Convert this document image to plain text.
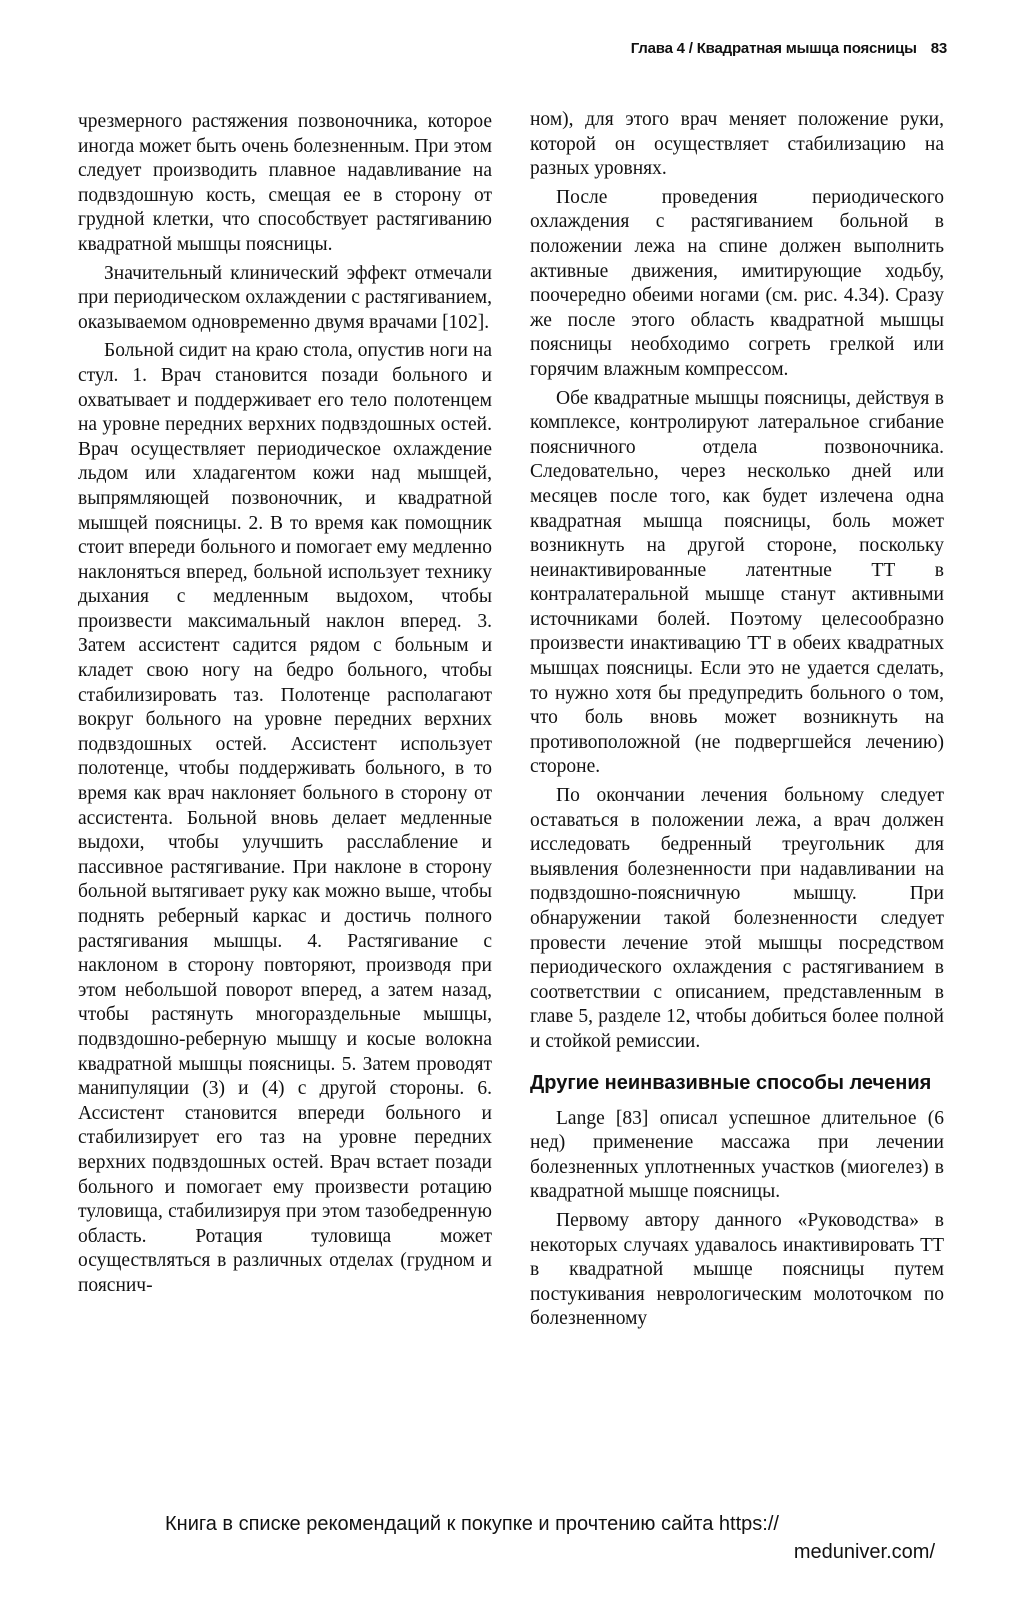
Глава 4 / Квадратная мышца поясницы 83

чрезмерного растяжения позвоночника, которое иногда может быть очень болезненным. При этом следует производить плавное надавливание на подвздошную кость, смещая ее в сторону от грудной клетки, что способствует растягиванию квадратной мышцы поясницы.

Значительный клинический эффект отмечали при периодическом охлаждении с растягиванием, оказываемом одновременно двумя врачами [102].

Больной сидит на краю стола, опустив ноги на стул. 1. Врач становится позади больного и охватывает и поддерживает его тело полотенцем на уровне передних верхних подвздошных остей. Врач осуществляет периодическое охлаждение льдом или хладагентом кожи над мышцей, выпрямляющей позвоночник, и квадратной мышцей поясницы. 2. В то время как помощник стоит впереди больного и помогает ему медленно наклоняться вперед, больной использует технику дыхания с медленным выдохом, чтобы произвести максимальный наклон вперед. 3. Затем ассистент садится рядом с больным и кладет свою ногу на бедро больного, чтобы стабилизировать таз. Полотенце располагают вокруг больного на уровне передних верхних подвздошных остей. Ассистент использует полотенце, чтобы поддерживать больного, в то время как врач наклоняет больного в сторону от ассистента. Больной вновь делает медленные выдохи, чтобы улучшить расслабление и пассивное растягивание. При наклоне в сторону больной вытягивает руку как можно выше, чтобы поднять реберный каркас и достичь полного растягивания мышцы. 4. Растягивание с наклоном в сторону повторяют, производя при этом небольшой поворот вперед, а затем назад, чтобы растянуть многораздельные мышцы, подвздошно-реберную мышцу и косые волокна квадратной мышцы поясницы. 5. Затем проводят манипуляции (3) и (4) с другой стороны. 6. Ассистент становится впереди больного и стабилизирует его таз на уровне передних верхних подвздошных остей. Врач встает позади больного и помогает ему произвести ротацию туловища, стабилизируя при этом тазобедренную область. Ротация туловища может осуществляться в различных отделах (грудном и пояснич-

ном), для этого врач меняет положение руки, которой он осуществляет стабилизацию на разных уровнях.

После проведения периодического охлаждения с растягиванием больной в положении лежа на спине должен выполнить активные движения, имитирующие ходьбу, поочередно обеими ногами (см. рис. 4.34). Сразу же после этого область квадратной мышцы поясницы необходимо согреть грелкой или горячим влажным компрессом.

Обе квадратные мышцы поясницы, действуя в комплексе, контролируют латеральное сгибание поясничного отдела позвоночника. Следовательно, через несколько дней или месяцев после того, как будет излечена одна квадратная мышца поясницы, боль может возникнуть на другой стороне, поскольку неинактивированные латентные ТТ в контралатеральной мышце станут активными источниками болей. Поэтому целесообразно произвести инактивацию ТТ в обеих квадратных мышцах поясницы. Если это не удается сделать, то нужно хотя бы предупредить больного о том, что боль вновь может возникнуть на противоположной (не подвергшейся лечению) стороне.

По окончании лечения больному следует оставаться в положении лежа, а врач должен исследовать бедренный треугольник для выявления болезненности при надавливании на подвздошно-поясничную мышцу. При обнаружении такой болезненности следует провести лечение этой мышцы посредством периодического охлаждения с растягиванием в соответствии с описанием, представленным в главе 5, разделе 12, чтобы добиться более полной и стойкой ремиссии.

Другие неинвазивные способы лечения

Lange [83] описал успешное длительное (6 нед) применение массажа при лечении болезненных уплотненных участков (миогелез) в квадратной мышце поясницы.

Первому автору данного «Руководства» в некоторых случаях удавалось инактивировать ТТ в квадратной мышце поясницы путем постукивания неврологическим молоточком по болезненному

Книга в списке рекомендаций к покупке и прочтению сайта https://
meduniver.com/
